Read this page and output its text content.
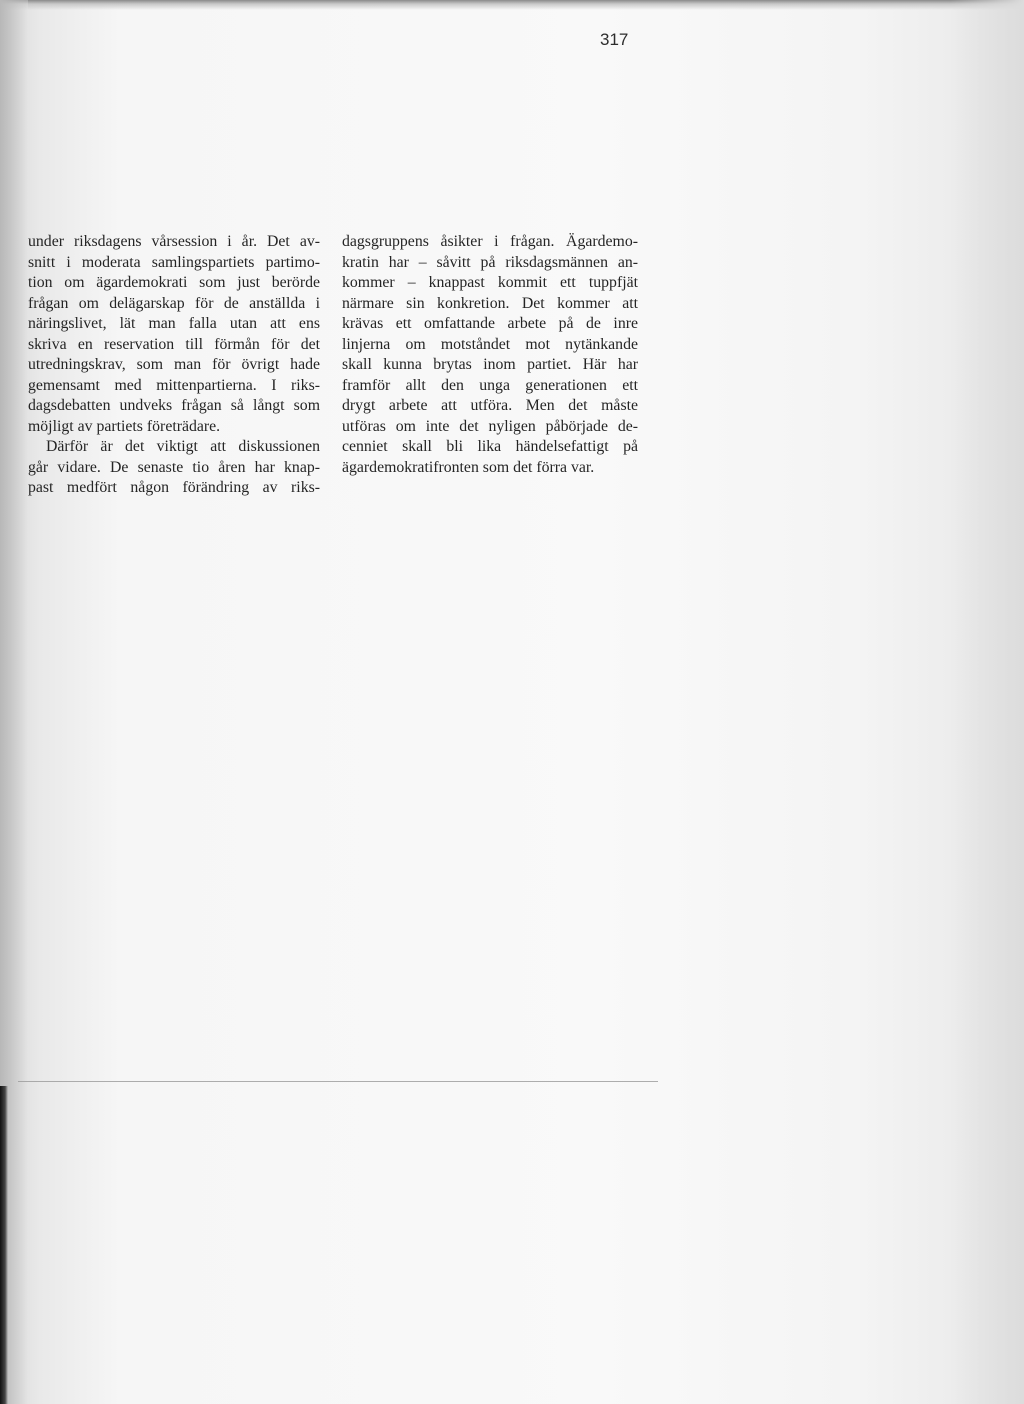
317
under riksdagens vårsession i år. Det av-
snitt i moderata samlingspartiets partimo-
tion om ägardemokrati som just berörde
frågan om delägarskap för de anställda i
näringslivet, lät man falla utan att ens
skriva en reservation till förmån för det
utredningskrav, som man för övrigt hade
gemensamt med mittenpartierna. I riks-
dagsdebatten undveks frågan så långt som
möjligt av partiets företrädare.
Därför är det viktigt att diskussionen
går vidare. De senaste tio åren har knap-
past medfört någon förändring av riks-
dagsgruppens åsikter i frågan. Ägardemo-
kratin har – såvitt på riksdagsmännen an-
kommer – knappast kommit ett tuppfjät
närmare sin konkretion. Det kommer att
krävas ett omfattande arbete på de inre
linjerna om motståndet mot nytänkande
skall kunna brytas inom partiet. Här har
framför allt den unga generationen ett
drygt arbete att utföra. Men det måste
utföras om inte det nyligen påbörjade de-
cenniet skall bli lika händelsefattigt på
ägardemokratifronten som det förra var.
